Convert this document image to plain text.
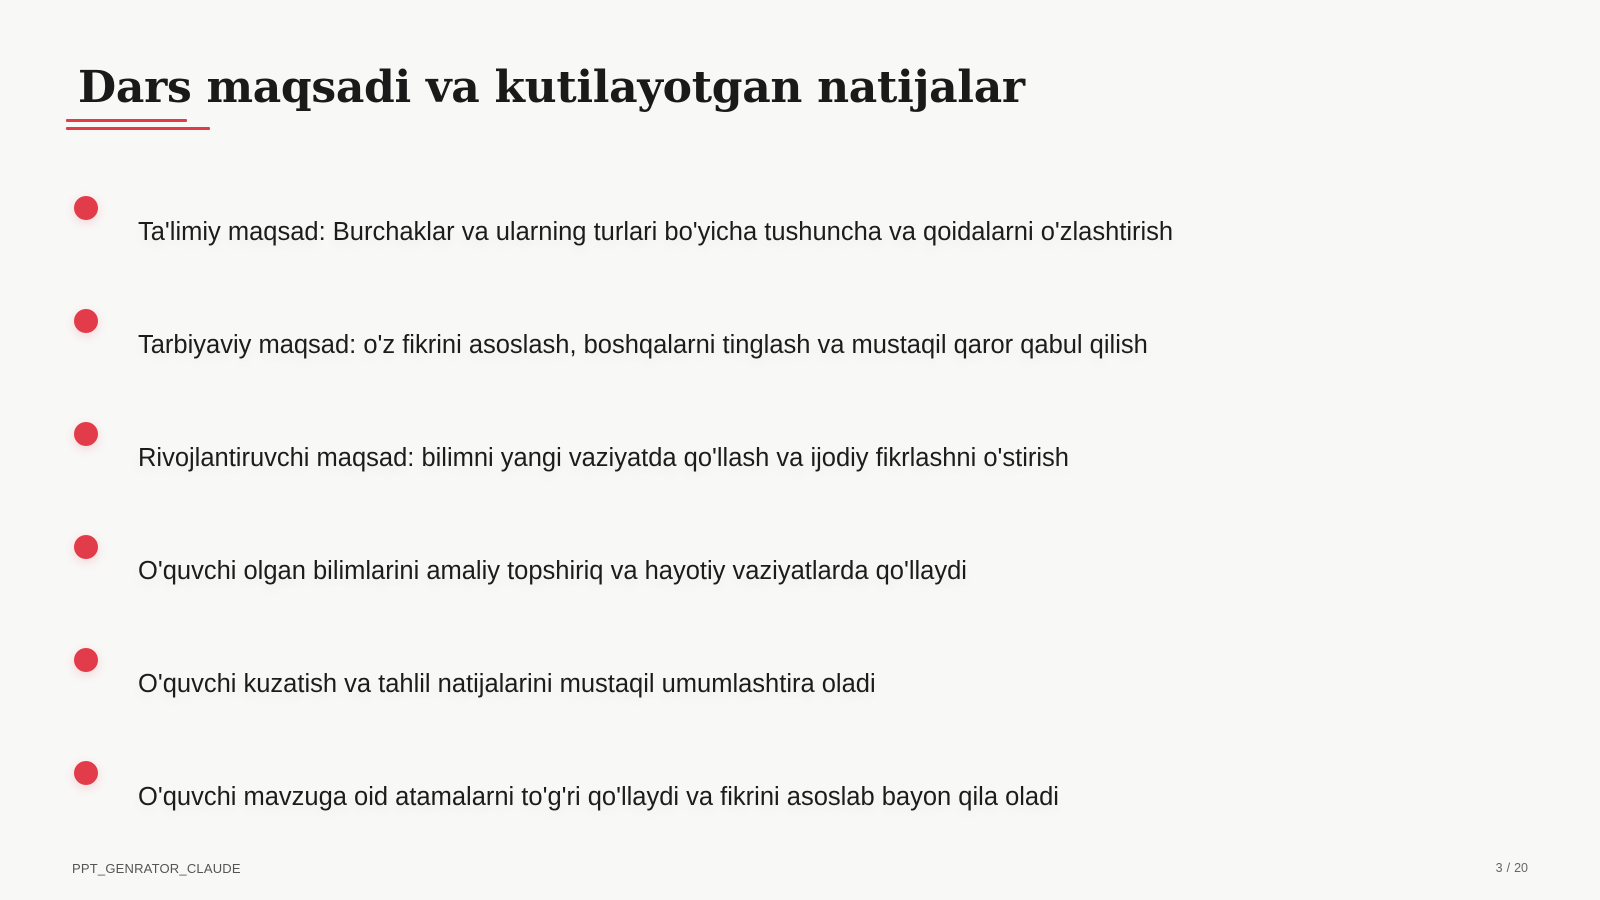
Dars maqsadi va kutilayotgan natijalar
Ta'limiy maqsad: Burchaklar va ularning turlari bo'yicha tushuncha va qoidalarni o'zlashtirish
Tarbiyaviy maqsad: o'z fikrini asoslash, boshqalarni tinglash va mustaqil qaror qabul qilish
Rivojlantiruvchi maqsad: bilimni yangi vaziyatda qo'llash va ijodiy fikrlashni o'stirish
O'quvchi olgan bilimlarini amaliy topshiriq va hayotiy vaziyatlarda qo'llaydi
O'quvchi kuzatish va tahlil natijalarini mustaqil umumlashtira oladi
O'quvchi mavzuga oid atamalarni to'g'ri qo'llaydi va fikrini asoslab bayon qila oladi
PPT_GENRATOR_CLAUDE	3 / 20
